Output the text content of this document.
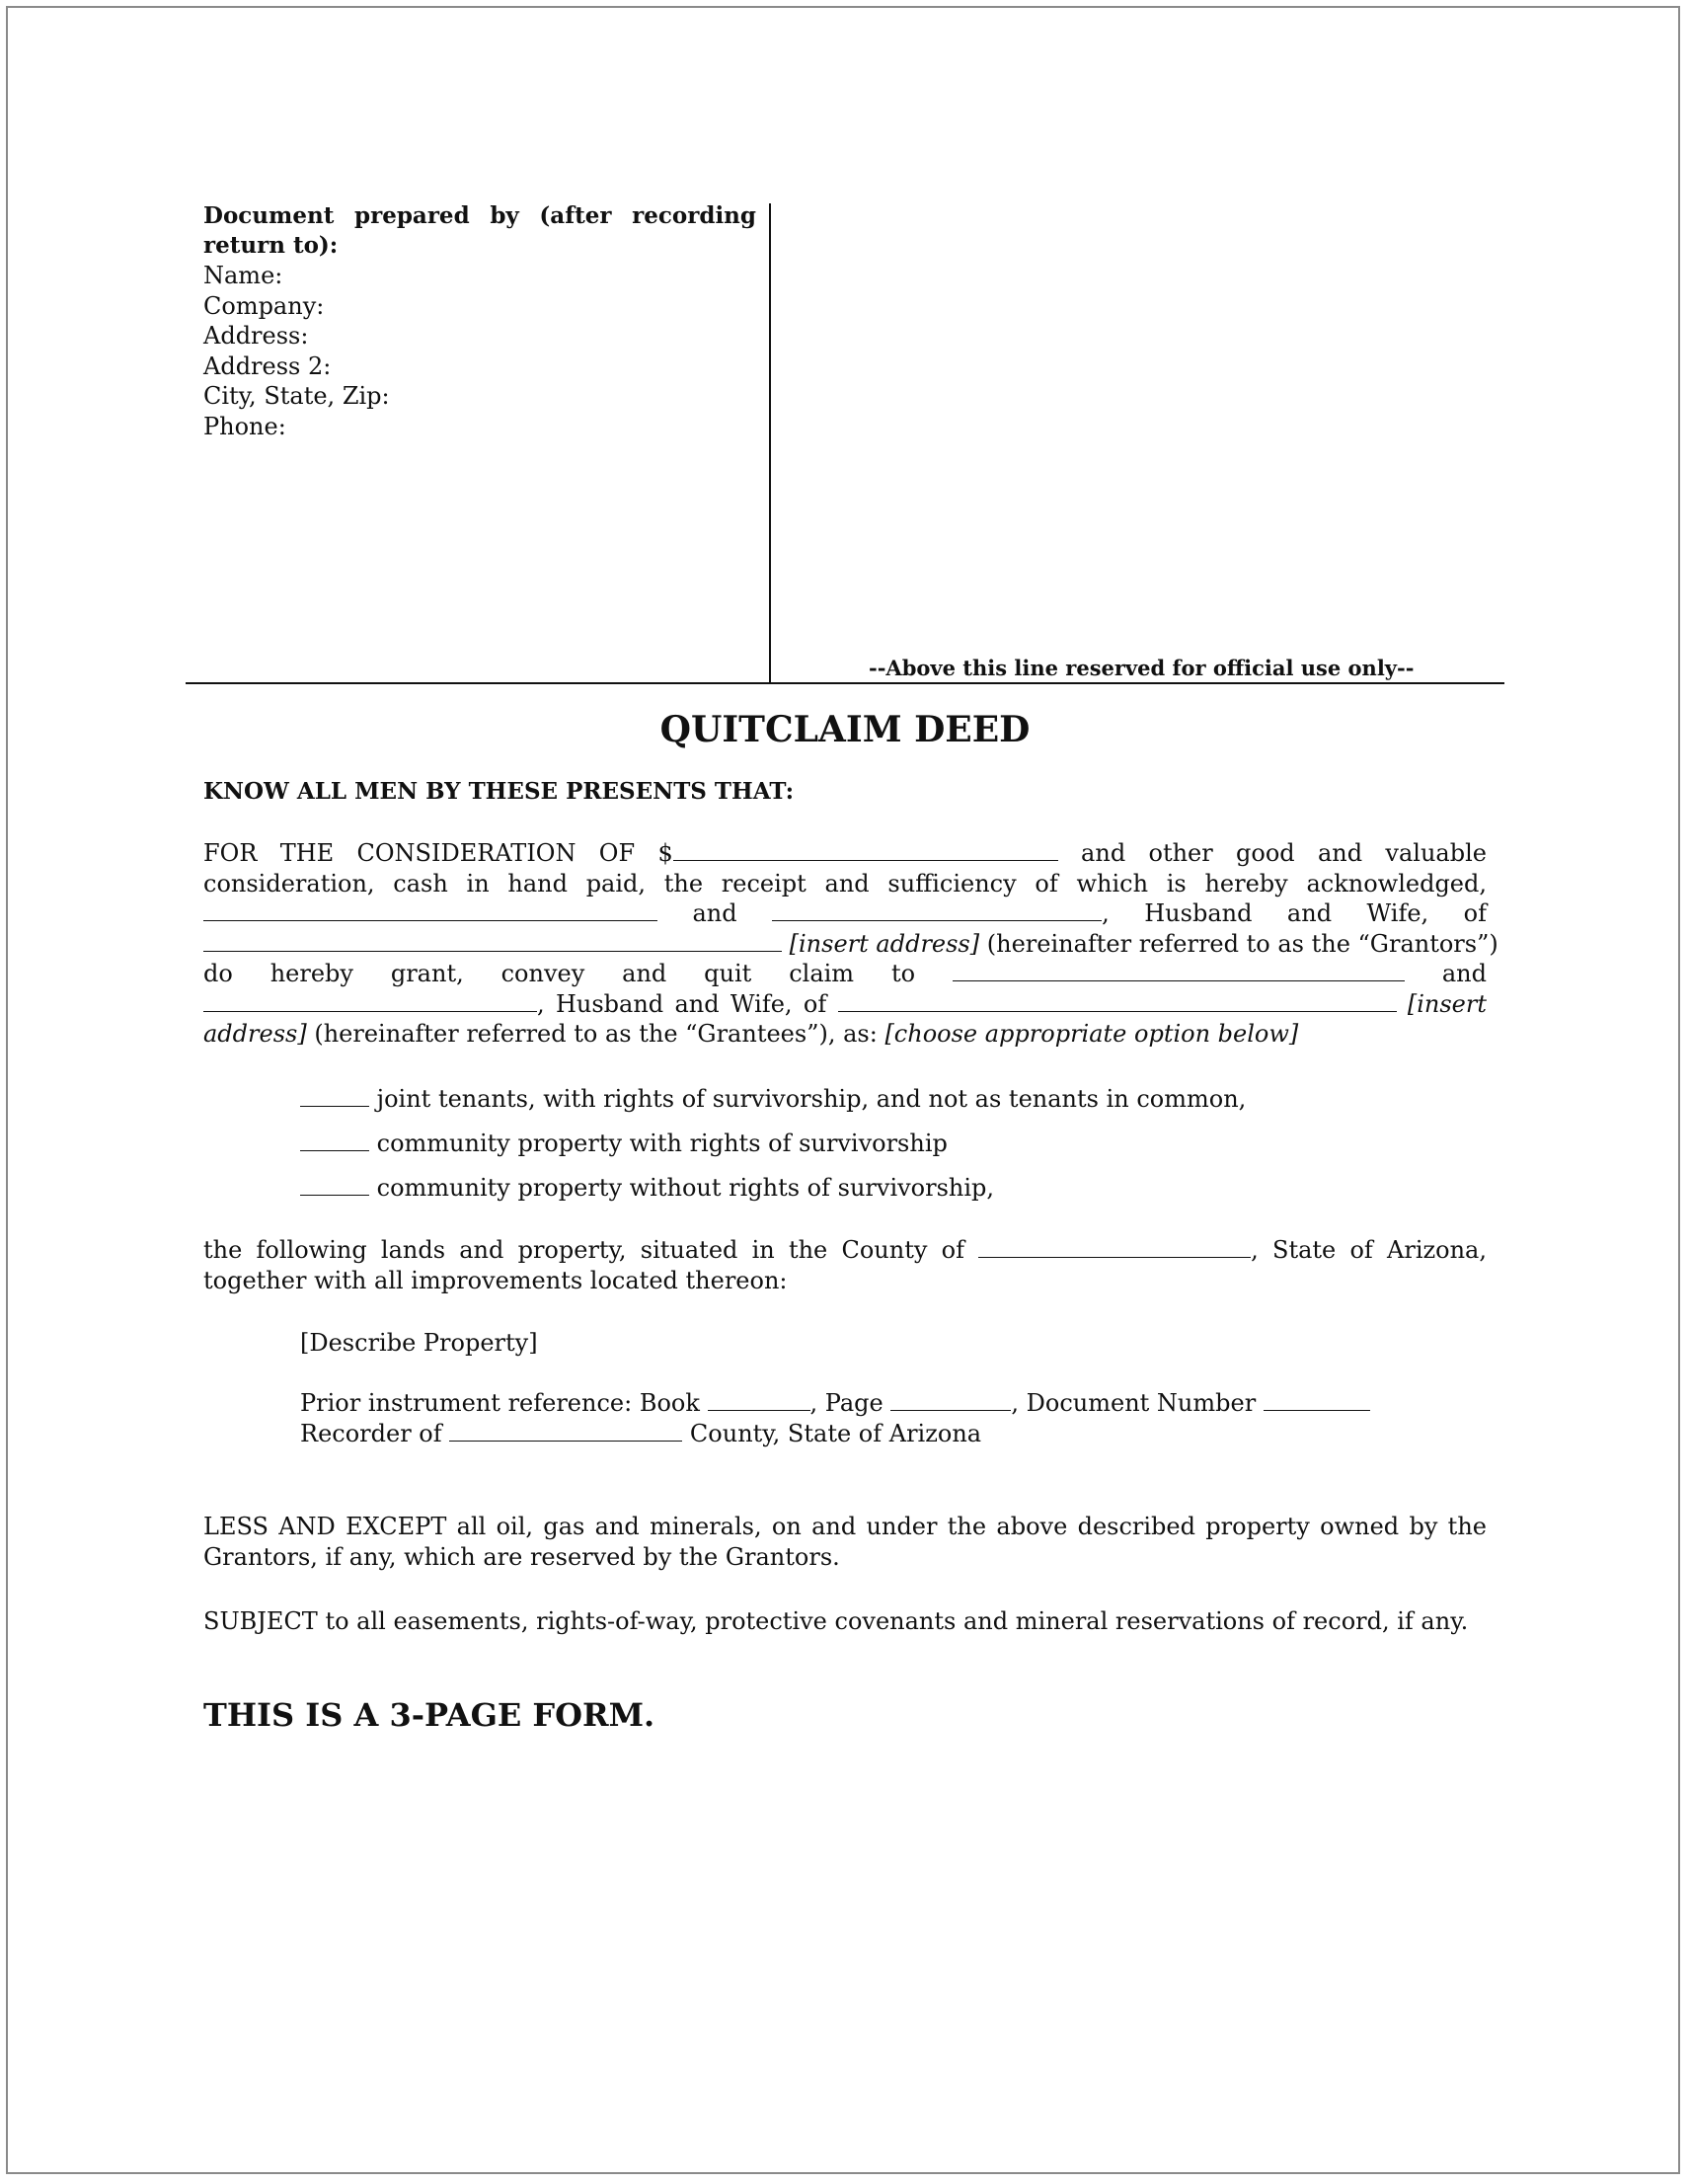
Document prepared by (after recording
return to):
Name:
Company:
Address:
Address 2:
City, State, Zip:
Phone:
--Above this line reserved for official use only--
QUITCLAIM DEED
KNOW ALL MEN BY THESE PRESENTS THAT:
FOR THE CONSIDERATION OF $	and other good and valuable
consideration, cash in hand paid, the receipt and sufficiency of which is hereby acknowledged,
and	, Husband and Wife, of
[insert address] (hereinafter referred to as the “Grantors”)
do hereby grant, convey and quit claim to	and
, Husband and Wife, of	[insert
address] (hereinafter referred to as the “Grantees”), as: [choose appropriate option below]
joint tenants, with rights of survivorship, and not as tenants in common,
community property with rights of survivorship
community property without rights of survivorship,
the following lands and property, situated in the County of	, State of Arizona,
together with all improvements located thereon:
[Describe Property]
Prior instrument reference: Book	, Page	, Document Number
Recorder of	County, State of Arizona
LESS AND EXCEPT all oil, gas and minerals, on and under the above described property owned by the
Grantors, if any, which are reserved by the Grantors.
SUBJECT to all easements, rights-of-way, protective covenants and mineral reservations of record, if any.
THIS IS A 3-PAGE FORM.
